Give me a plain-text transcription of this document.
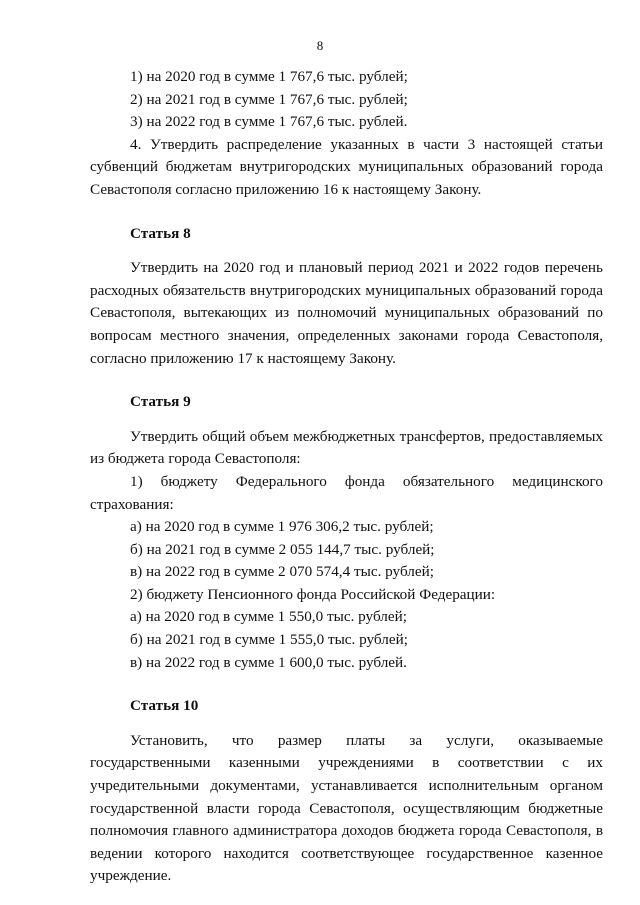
8
1) на 2020 год в сумме 1 767,6 тыс. рублей;
2) на 2021 год в сумме 1 767,6 тыс. рублей;
3) на 2022 год в сумме 1 767,6 тыс. рублей.
4. Утвердить распределение указанных в части 3 настоящей статьи субвенций бюджетам внутригородских муниципальных образований города Севастополя согласно приложению 16 к настоящему Закону.
Статья 8
Утвердить на 2020 год и плановый период 2021 и 2022 годов перечень расходных обязательств внутригородских муниципальных образований города Севастополя, вытекающих из полномочий муниципальных образований по вопросам местного значения, определенных законами города Севастополя, согласно приложению 17 к настоящему Закону.
Статья 9
Утвердить общий объем межбюджетных трансфертов, предоставляемых из бюджета города Севастополя:
1) бюджету Федерального фонда обязательного медицинского
страхования:
а) на 2020 год в сумме 1 976 306,2 тыс. рублей;
б) на 2021 год в сумме 2 055 144,7 тыс. рублей;
в) на 2022 год в сумме 2 070 574,4 тыс. рублей;
2) бюджету Пенсионного фонда Российской Федерации:
а) на 2020 год в сумме 1 550,0 тыс. рублей;
б) на 2021 год в сумме 1 555,0 тыс. рублей;
в) на 2022 год в сумме 1 600,0 тыс. рублей.
Статья 10
Установить, что размер платы за услуги, оказываемые государственными казенными учреждениями в соответствии с их учредительными документами, устанавливается исполнительным органом государственной власти города Севастополя, осуществляющим бюджетные полномочия главного администратора доходов бюджета города Севастополя, в ведении которого находится соответствующее государственное казенное учреждение.
